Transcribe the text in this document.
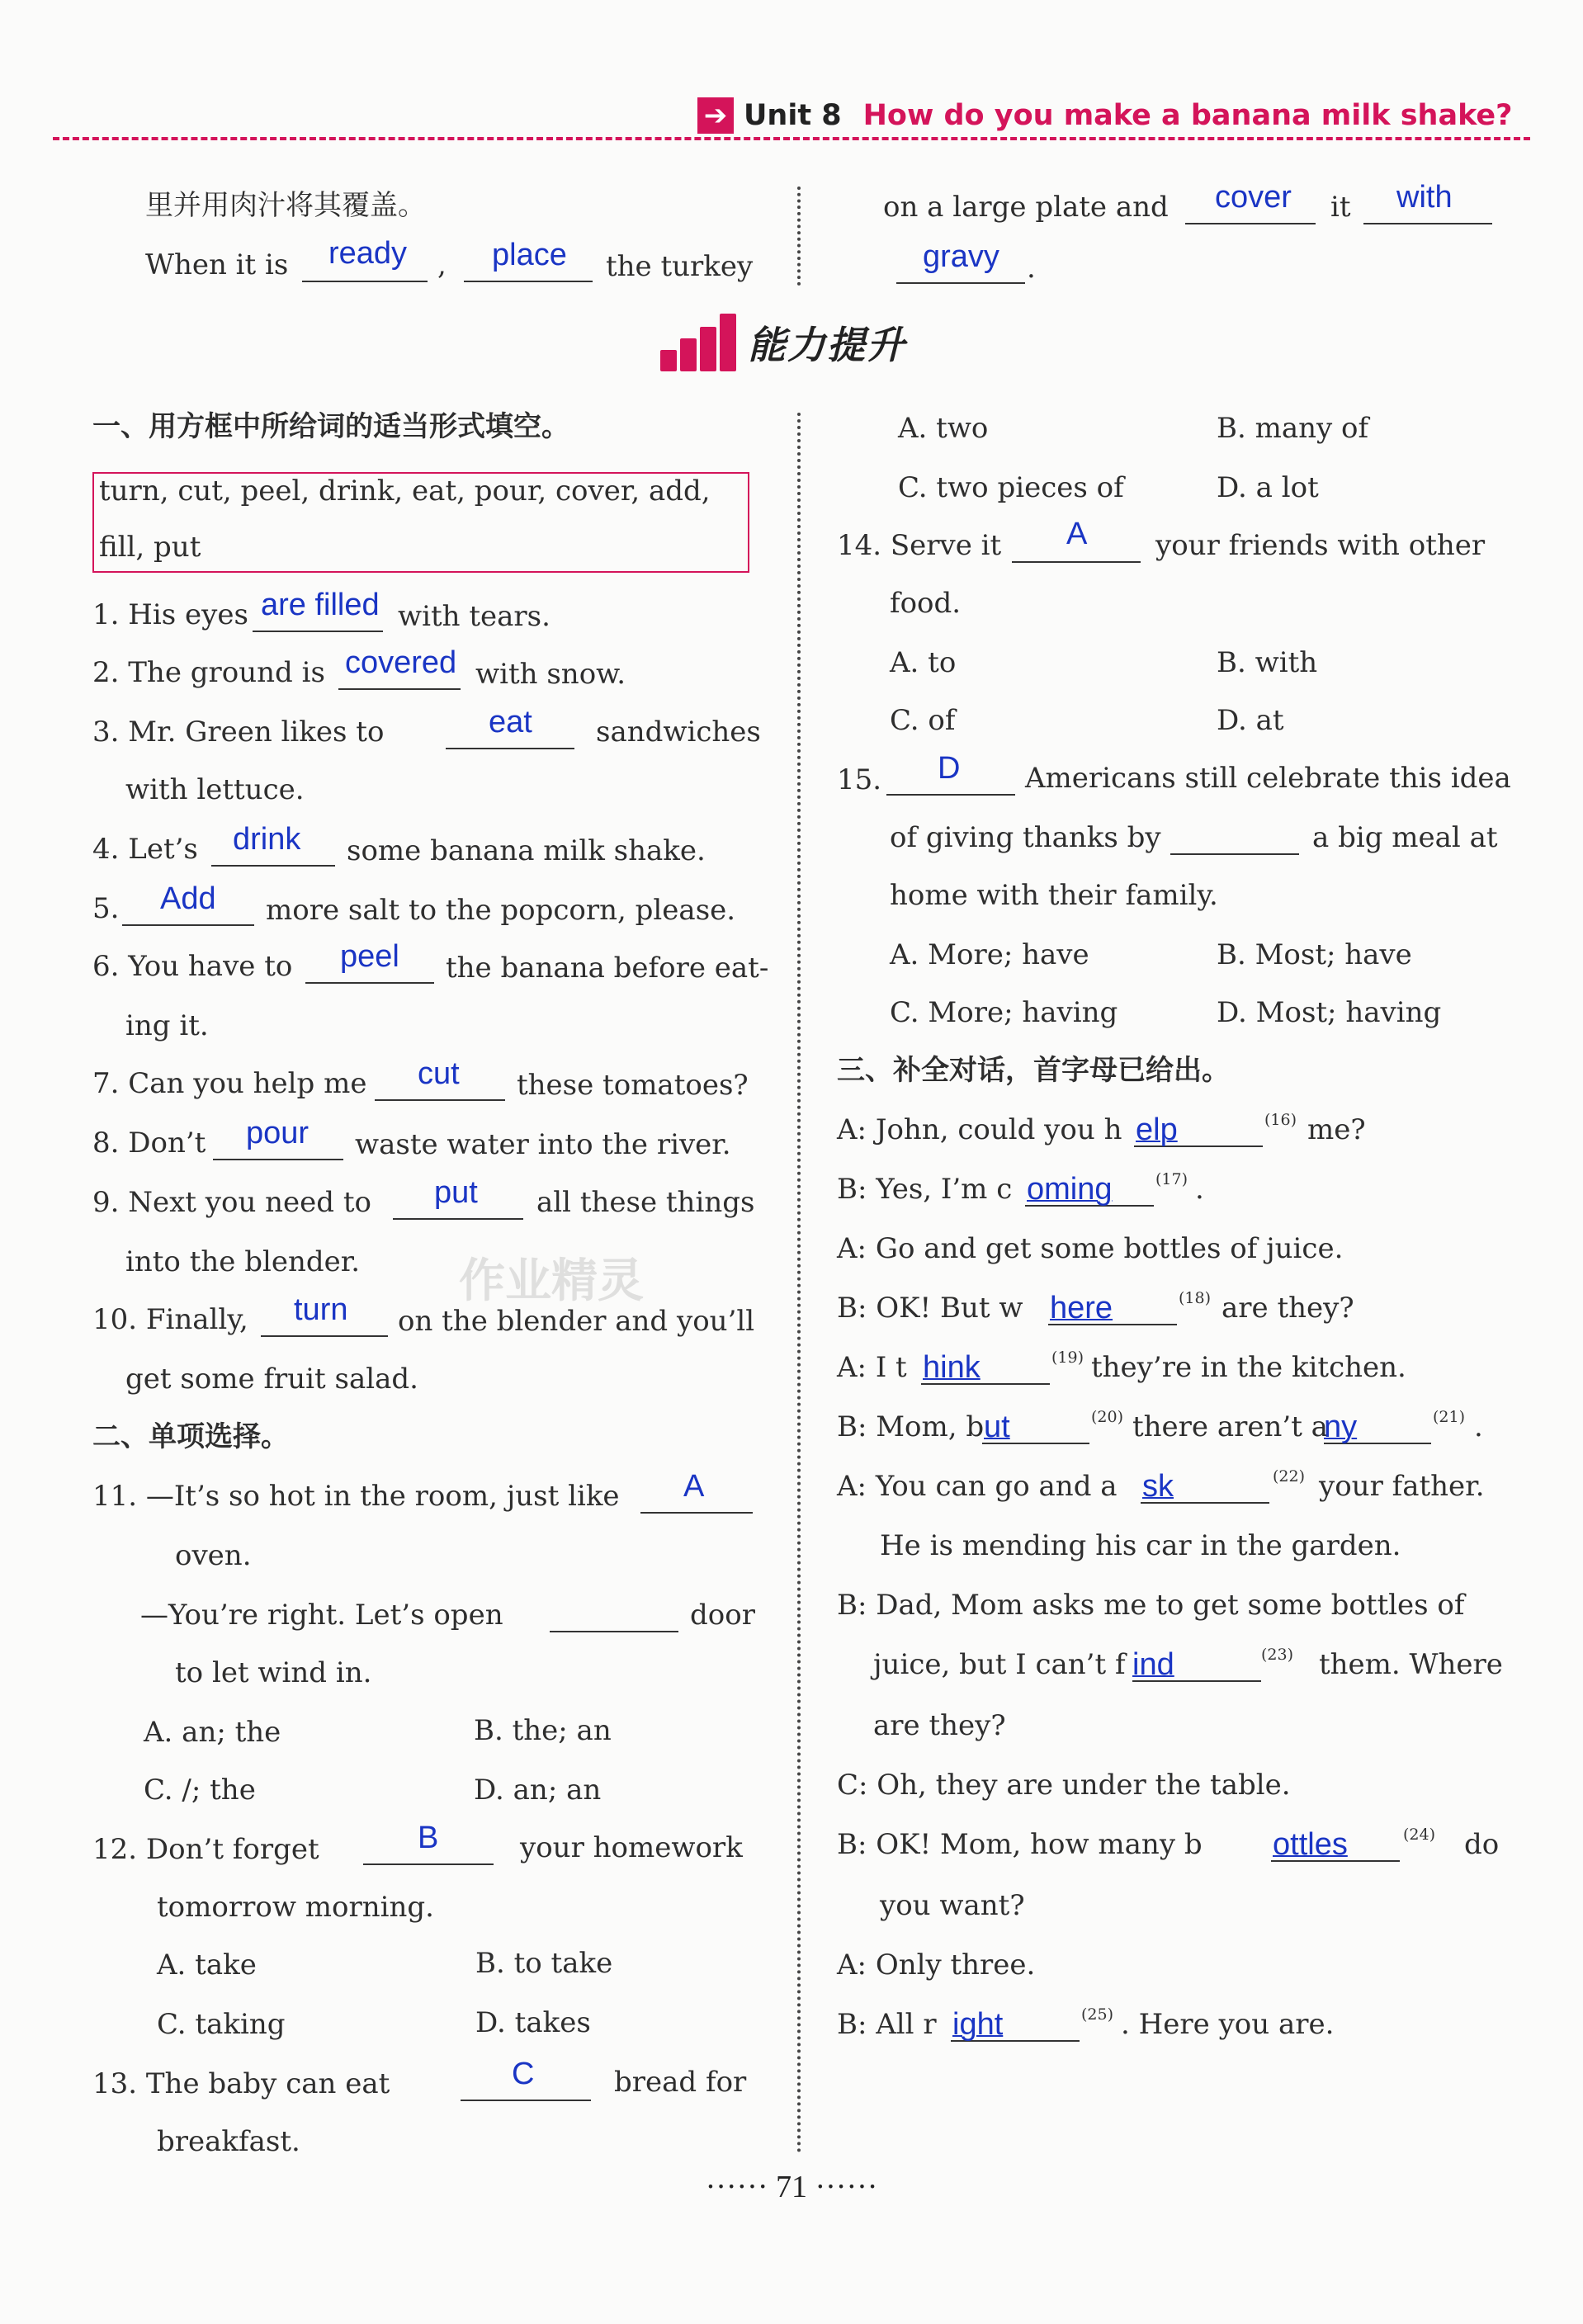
➔ Unit 8 How do you make a banana milk shake?
里并用肉汁将其覆盖。
When it is ready , place the turkey
on a large plate and cover it with
gravy .
能力提升
一、用方框中所给词的适当形式填空。
turn, cut, peel, drink, eat, pour, cover, add,
fill, put
1. His eyes are filled with tears.
2. The ground is covered with snow.
3. Mr. Green likes to	eat sandwiches
with lettuce.
4. Let’s drink some banana milk shake.
5. Add more salt to the popcorn, please.
6. You have to peel the banana before eat-
ing it.
7. Can you help me cut these tomatoes?
8. Don’t pour waste water into the river.
9. Next you need to put all these things
into the blender. 作业精灵
10. Finally, turn on the blender and you’ll
get some fruit salad.
二、单项选择。
11. —It’s so hot in the room, just like A
oven.
—You’re right. Let’s open	door
to let wind in.
A. an; the	B. the; an
C. /; the	D. an; an
12. Don’t forget	B	your homework
tomorrow morning.
A. take	B. to take
C. taking	D. takes
13. The baby can eat	C	bread for
breakfast.
A. two	B. many of
C. two pieces of	D. a lot
14. Serve it A your friends with other
food.
A. to	B. with
C. of	D. at
15. D Americans still celebrate this idea
of giving thanks by	a big meal at
home with their family.
A. More; have	B. Most; have
C. More; having	D. Most; having
三、补全对话，首字母已给出。
A: John, could you h elp	(16) me?
B: Yes, I’m c oming	(17) .
A: Go and get some bottles of juice.
B: OK! But w here	(18) are they?
A: I t hink	(19) they’re in the kitchen.
B: Mom, b ut	(20) there aren’t a
ny	(21) .
A: You can go and a sk	(22) your father.
He is mending his car in the garden.
B: Dad, Mom asks me to get some bottles of
juice, but I can’t f ind	(23) them. Where
are they?
C: Oh, they are under the table.
B: OK! Mom, how many b ottles	(24) do
you want?
A: Only three.
B: All r ight	(25) . Here you are.
······ 71 ······
